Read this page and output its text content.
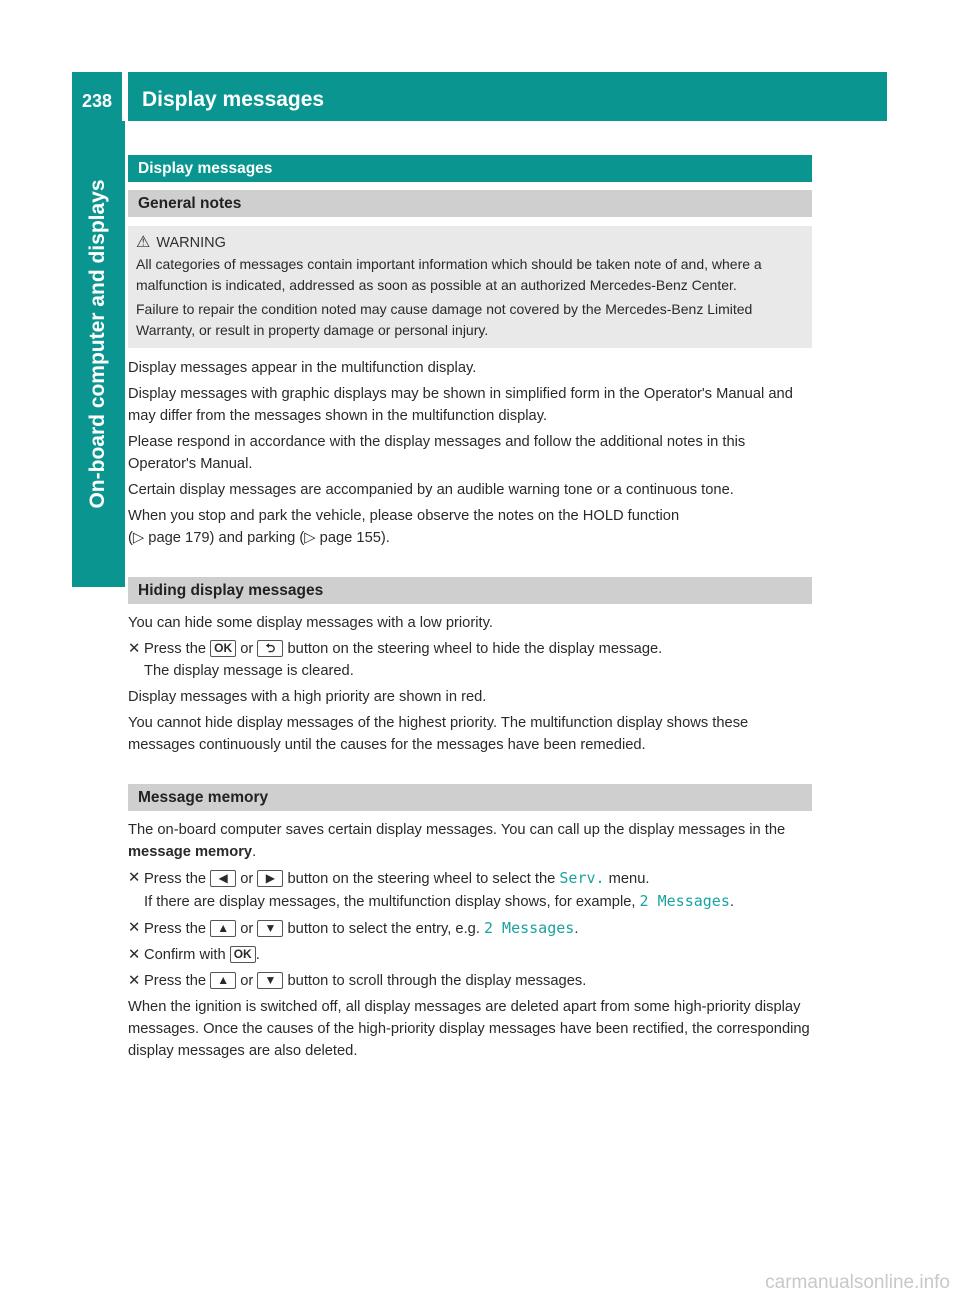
238 Display messages
On-board computer and displays
Display messages
General notes
⚠ WARNING

All categories of messages contain important information which should be taken note of and, where a malfunction is indicated, addressed as soon as possible at an authorized Mercedes-Benz Center.

Failure to repair the condition noted may cause damage not covered by the Mercedes-Benz Limited Warranty, or result in property damage or personal injury.

Display messages appear in the multifunction display.

Display messages with graphic displays may be shown in simplified form in the Operator's Manual and may differ from the messages shown in the multifunction display.

Please respond in accordance with the display messages and follow the additional notes in this Operator's Manual.

Certain display messages are accompanied by an audible warning tone or a continuous tone.

When you stop and park the vehicle, please observe the notes on the HOLD function
(▷ page 179) and parking (▷ page 155).

Hiding display messages

You can hide some display messages with a low priority.

✕ Press the OK or ⮌ button on the steering wheel to hide the display message.
The display message is cleared.

Display messages with a high priority are shown in red.

You cannot hide display messages of the highest priority. The multifunction display shows these messages continuously until the causes for the messages have been remedied.

Message memory

The on-board computer saves certain display messages. You can call up the display messages in the message memory.

✕ Press the ◀ or ▶ button on the steering wheel to select the Serv. menu.
If there are display messages, the multifunction display shows, for example, 2 Messages.
✕ Press the ▲ or ▼ button to select the entry, e.g. 2 Messages.
✕ Confirm with OK .
✕ Press the ▲ or ▼ button to scroll through the display messages.

When the ignition is switched off, all display messages are deleted apart from some high-priority display messages. Once the causes of the high-priority display messages have been rectified, the corresponding display messages are also deleted.

carmanualsonline.info
